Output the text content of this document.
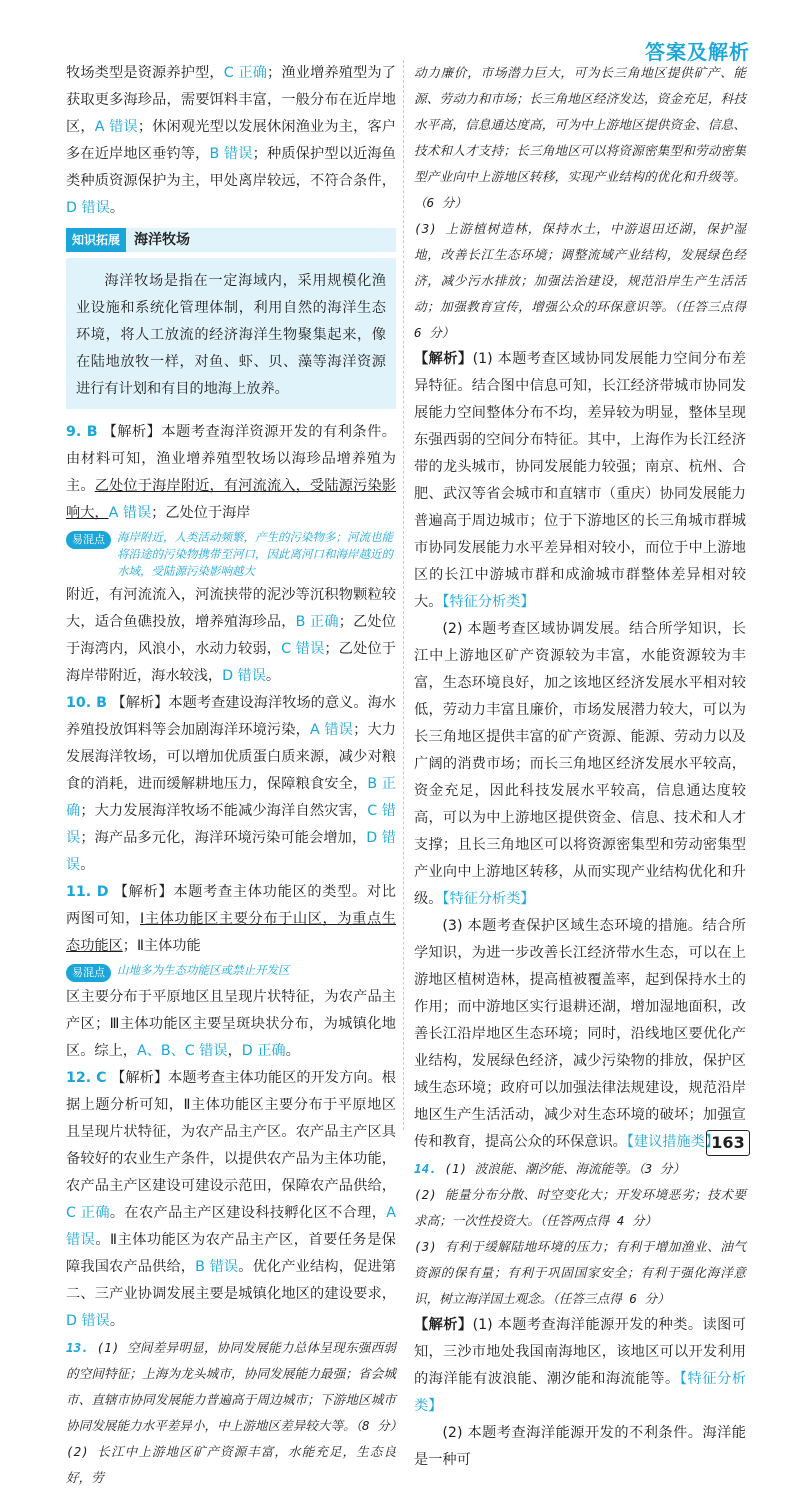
答案及解析

牧场类型是资源养护型，C 正确；渔业增养殖型为了获取更多海珍品，需要饵料丰富，一般分布在近岸地区，A 错误；休闲观光型以发展休闲渔业为主，客户多在近岸地区垂钓等，B 错误；种质保护型以近海鱼类种质资源保护为主，甲处离岸较远，不符合条件，D 错误。

知识拓展	海洋牧场

海洋牧场是指在一定海域内，采用规模化渔业设施和系统化管理体制，利用自然的海洋生态环境，将人工放流的经济海洋生物聚集起来，像在陆地放牧一样，对鱼、虾、贝、藻等海洋资源进行有计划和有目的地海上放养。

9. B 【解析】本题考查海洋资源开发的有利条件。由材料可知，渔业增养殖型牧场以海珍品增养殖为主。乙处位于海岸附近，有河流流入，受陆源污染影响大，A 错误；乙处位于海岸

易混点	海岸附近，人类活动频繁，产生的污染物多；河流也能将沿途的污染物携带至河口，因此离河口和海岸越近的水域，受陆源污染影响越大

附近，有河流流入，河流挟带的泥沙等沉积物颗粒较大，适合鱼礁投放，增养殖海珍品，B 正确；乙处位于海湾内，风浪小，水动力较弱，C 错误；乙处位于海岸带附近，海水较浅，D 错误。

10. B 【解析】本题考查建设海洋牧场的意义。海水养殖投放饵料等会加剧海洋环境污染，A 错误；大力发展海洋牧场，可以增加优质蛋白质来源，减少对粮食的消耗，进而缓解耕地压力，保障粮食安全，B 正确；大力发展海洋牧场不能减少海洋自然灾害，C 错误；海产品多元化，海洋环境污染可能会增加，D 错误。

11. D 【解析】本题考查主体功能区的类型。对比两图可知，Ⅰ主体功能区主要分布于山区，为重点生态功能区；Ⅱ主体功能

易混点	山地多为生态功能区或禁止开发区

区主要分布于平原地区且呈现片状特征，为农产品主产区；Ⅲ主体功能区主要呈斑块状分布，为城镇化地区。综上，A、B、C 错误，D 正确。

12. C 【解析】本题考查主体功能区的开发方向。根据上题分析可知，Ⅱ主体功能区主要分布于平原地区且呈现片状特征，为农产品主产区。农产品主产区具备较好的农业生产条件，以提供农产品为主体功能，农产品主产区建设可建设示范田，保障农产品供给，C 正确。在农产品主产区建设科技孵化区不合理，A 错误。Ⅱ主体功能区为农产品主产区，首要任务是保障我国农产品供给，B 错误。优化产业结构，促进第二、三产业协调发展主要是城镇化地区的建设要求，D 错误。

13. (1) 空间差异明显，协同发展能力总体呈现东强西弱的空间特征；上海为龙头城市，协同发展能力最强；省会城市、直辖市协同发展能力普遍高于周边城市；下游地区城市协同发展能力水平差异小，中上游地区差异较大等。（8 分）

(2) 长江中上游地区矿产资源丰富，水能充足，生态良好，劳

动力廉价，市场潜力巨大，可为长三角地区提供矿产、能源、劳动力和市场；长三角地区经济发达，资金充足，科技水平高，信息通达度高，可为中上游地区提供资金、信息、技术和人才支持；长三角地区可以将资源密集型和劳动密集型产业向中上游地区转移，实现产业结构的优化和升级等。（6 分）

(3) 上游植树造林，保持水土，中游退田还湖，保护湿地，改善长江生态环境；调整流域产业结构，发展绿色经济，减少污水排放；加强法治建设，规范沿岸生产生活活动；加强教育宣传，增强公众的环保意识等。（任答三点得 6 分）

【解析】(1) 本题考查区域协同发展能力空间分布差异特征。结合图中信息可知，长江经济带城市协同发展能力空间整体分布不均，差异较为明显，整体呈现东强西弱的空间分布特征。其中，上海作为长江经济带的龙头城市，协同发展能力较强；南京、杭州、合肥、武汉等省会城市和直辖市（重庆）协同发展能力普遍高于周边城市；位于下游地区的长三角城市群城市协同发展能力水平差异相对较小，而位于中上游地区的长江中游城市群和成渝城市群整体差异相对较大。【特征分析类】

(2) 本题考查区域协调发展。结合所学知识，长江中上游地区矿产资源较为丰富，水能资源较为丰富，生态环境良好，加之该地区经济发展水平相对较低，劳动力丰富且廉价，市场发展潜力较大，可以为长三角地区提供丰富的矿产资源、能源、劳动力以及广阔的消费市场；而长三角地区经济发展水平较高，资金充足，因此科技发展水平较高，信息通达度较高，可以为中上游地区提供资金、信息、技术和人才支撑；且长三角地区可以将资源密集型和劳动密集型产业向中上游地区转移，从而实现产业结构优化和升级。【特征分析类】

(3) 本题考查保护区域生态环境的措施。结合所学知识，为进一步改善长江经济带水生态，可以在上游地区植树造林，提高植被覆盖率，起到保持水土的作用；而中游地区实行退耕还湖，增加湿地面积，改善长江沿岸地区生态环境；同时，沿线地区要优化产业结构，发展绿色经济，减少污染物的排放，保护区域生态环境；政府可以加强法律法规建设，规范沿岸地区生产生活活动，减少对生态环境的破坏；加强宣传和教育，提高公众的环保意识。【建议措施类】

14. (1) 波浪能、潮汐能、海流能等。（3 分）

(2) 能量分布分散、时空变化大；开发环境恶劣；技术要求高；一次性投资大。（任答两点得 4 分）

(3) 有利于缓解陆地环境的压力；有利于增加渔业、油气资源的保有量；有利于巩固国家安全；有利于强化海洋意识，树立海洋国土观念。（任答三点得 6 分）

【解析】(1) 本题考查海洋能源开发的种类。读图可知，三沙市地处我国南海地区，该地区可以开发利用的海洋能有波浪能、潮汐能和海流能等。【特征分析类】

(2) 本题考查海洋能源开发的不利条件。海洋能是一种可

163
